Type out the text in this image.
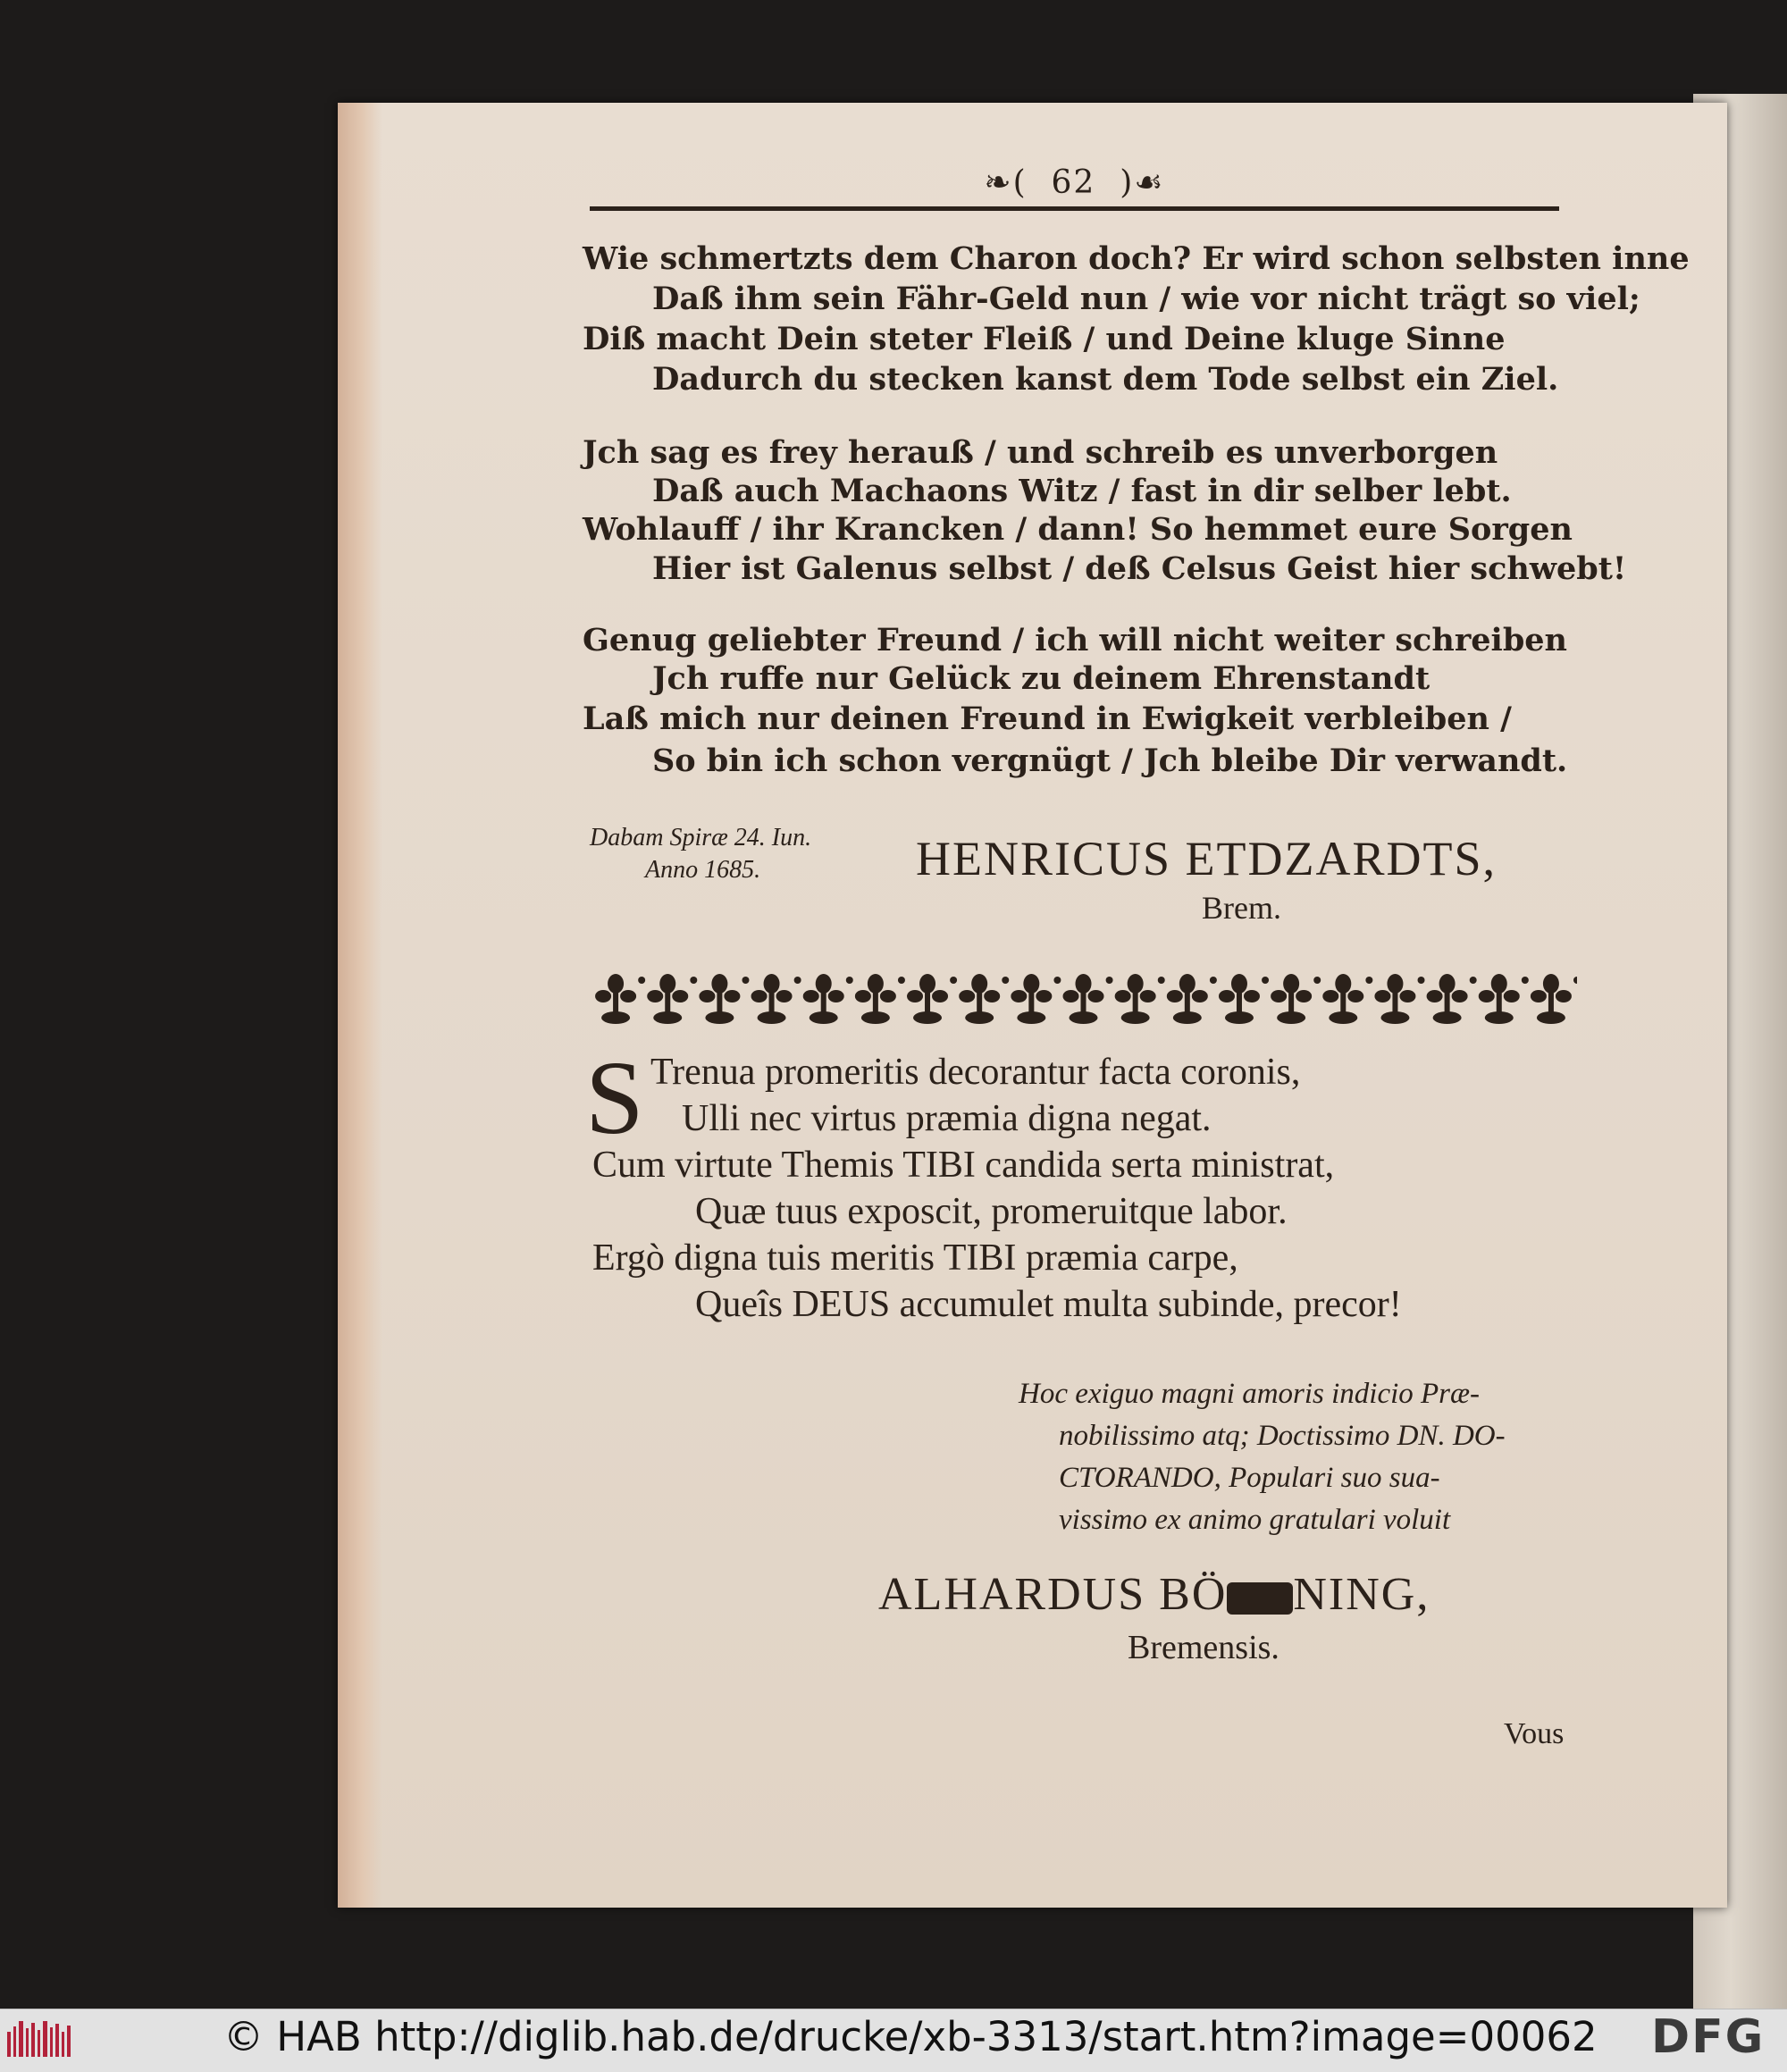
❧( 62 )☙
Wie schmertzts dem Charon doch? Er wird schon selbsten inne
Daß ihm sein Fähr-Geld nun / wie vor nicht trägt so viel;
Diß macht Dein steter Fleiß / und Deine kluge Sinne
Dadurch du stecken kanst dem Tode selbst ein Ziel.
Jch sag es frey herauß / und schreib es unverborgen
Daß auch Machaons Witz / fast in dir selber lebt.
Wohlauff / ihr Krancken / dann! So hemmet eure Sorgen
Hier ist Galenus selbst / deß Celsus Geist hier schwebt!
Genug geliebter Freund / ich will nicht weiter schreiben
Jch ruffe nur Gelück zu deinem Ehrenstandt
Laß mich nur deinen Freund in Ewigkeit verbleiben /
So bin ich schon vergnügt / Jch bleibe Dir verwandt.
Dabam Spiræ 24. Iun.
Anno 1685.	HENRICUS ETDZARDTS,
Brem.
S Trenua promeritis decorantur facta coronis,
Ulli nec virtus præmia digna negat.
Cum virtute Themis TIBI candida serta ministrat,
Quæ tuus exposcit, promeruitque labor.
Ergò digna tuis meritis TIBI præmia carpe,
Queîs DEUS accumulet multa subinde, precor!
Hoc exiguo magni amoris indicio Præ-
nobilissimo atq; Doctissimo DN. DO-
CTORANDO, Populari suo sua-
vissimo ex animo gratulari voluit
ALHARDUS BÖ NING,
Bremensis.
Vous
© HAB http://diglib.hab.de/drucke/xb-3313/start.htm?image=00062 DFG
